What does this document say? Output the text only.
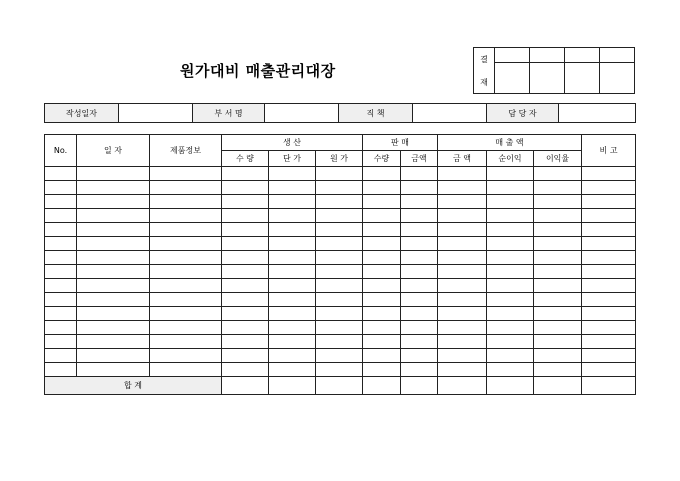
원가대비 매출관리대장
결
재				

작성일자		부 서 명		직 책		담 당 자	
No.	일 자	제품정보	생 산			판 매		매 출 액			비 고
			수 량	단 가	원 가	수량	금액	금 액	순이익	이익율	

합 계											
